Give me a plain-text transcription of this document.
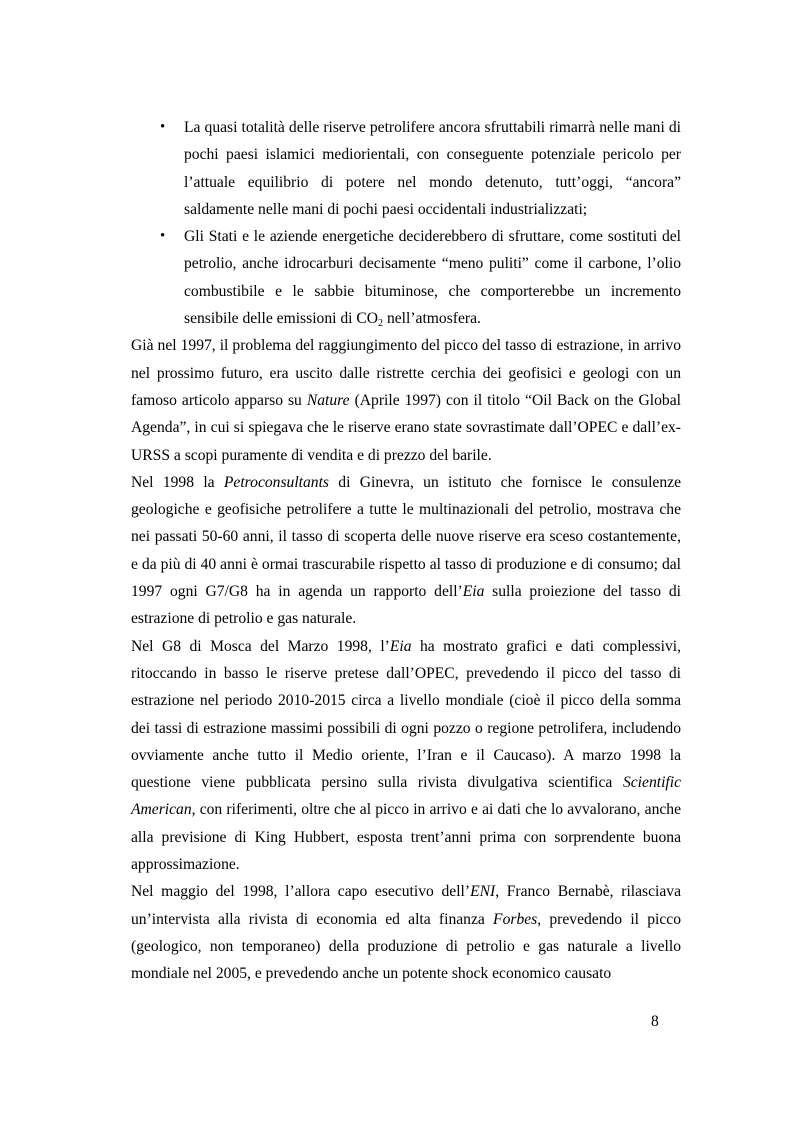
• La quasi totalità delle riserve petrolifere ancora sfruttabili rimarrà nelle mani di pochi paesi islamici mediorientali, con conseguente potenziale pericolo per l’attuale equilibrio di potere nel mondo detenuto, tutt’oggi, “ancora” saldamente nelle mani di pochi paesi occidentali industrializzati;
• Gli Stati e le aziende energetiche deciderebbero di sfruttare, come sostituti del petrolio, anche idrocarburi decisamente “meno puliti” come il carbone, l’olio combustibile e le sabbie bituminose, che comporterebbe un incremento sensibile delle emissioni di $CO_2$ nell’atmosfera.

Già nel 1997, il problema del raggiungimento del picco del tasso di estrazione, in arrivo nel prossimo futuro, era uscito dalle ristrette cerchia dei geofisici e geologi con un famoso articolo apparso su Nature (Aprile 1997) con il titolo “Oil Back on the Global Agenda”, in cui si spiegava che le riserve erano state sovrastimate dall’OPEC e dall’ex-URSS a scopi puramente di vendita e di prezzo del barile.

Nel 1998 la Petroconsultants di Ginevra, un istituto che fornisce le consulenze geologiche e geofisiche petrolifere a tutte le multinazionali del petrolio, mostrava che nei passati 50-60 anni, il tasso di scoperta delle nuove riserve era sceso costantemente, e da più di 40 anni è ormai trascurabile rispetto al tasso di produzione e di consumo; dal 1997 ogni G7/G8 ha in agenda un rapporto dell’Eia sulla proiezione del tasso di estrazione di petrolio e gas naturale.

Nel G8 di Mosca del Marzo 1998, l’Eia ha mostrato grafici e dati complessivi, ritoccando in basso le riserve pretese dall’OPEC, prevedendo il picco del tasso di estrazione nel periodo 2010-2015 circa a livello mondiale (cioè il picco della somma dei tassi di estrazione massimi possibili di ogni pozzo o regione petrolifera, includendo ovviamente anche tutto il Medio oriente, l’Iran e il Caucaso). A marzo 1998 la questione viene pubblicata persino sulla rivista divulgativa scientifica Scientific American, con riferimenti, oltre che al picco in arrivo e ai dati che lo avvalorano, anche alla previsione di King Hubbert, esposta trent’anni prima con sorprendente buona approssimazione.

Nel maggio del 1998, l’allora capo esecutivo dell’ENI, Franco Bernabè, rilasciava un’intervista alla rivista di economia ed alta finanza Forbes, prevedendo il picco (geologico, non temporaneo) della produzione di petrolio e gas naturale a livello mondiale nel 2005, e prevedendo anche un potente shock economico causato

8
